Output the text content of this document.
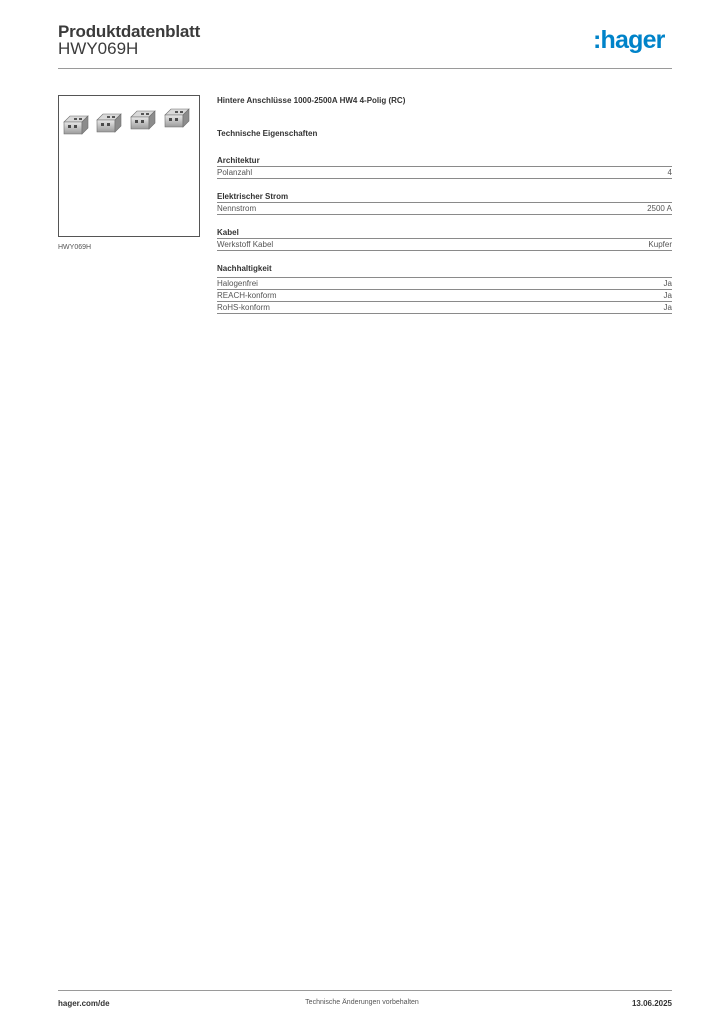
Produktdatenblatt
HWY069H	:hager
HWY069H
Hintere Anschlüsse 1000-2500A HW4 4-Polig (RC)
Technische Eigenschaften
Architektur
Polanzahl	4
Elektrischer Strom
Nennstrom	2500 A
Kabel
Werkstoff Kabel	Kupfer
Nachhaltigkeit
Halogenfrei	Ja
REACH-konform	Ja
RoHS-konform	Ja
hager.com/de	Technische Änderungen vorbehalten	13.06.2025
